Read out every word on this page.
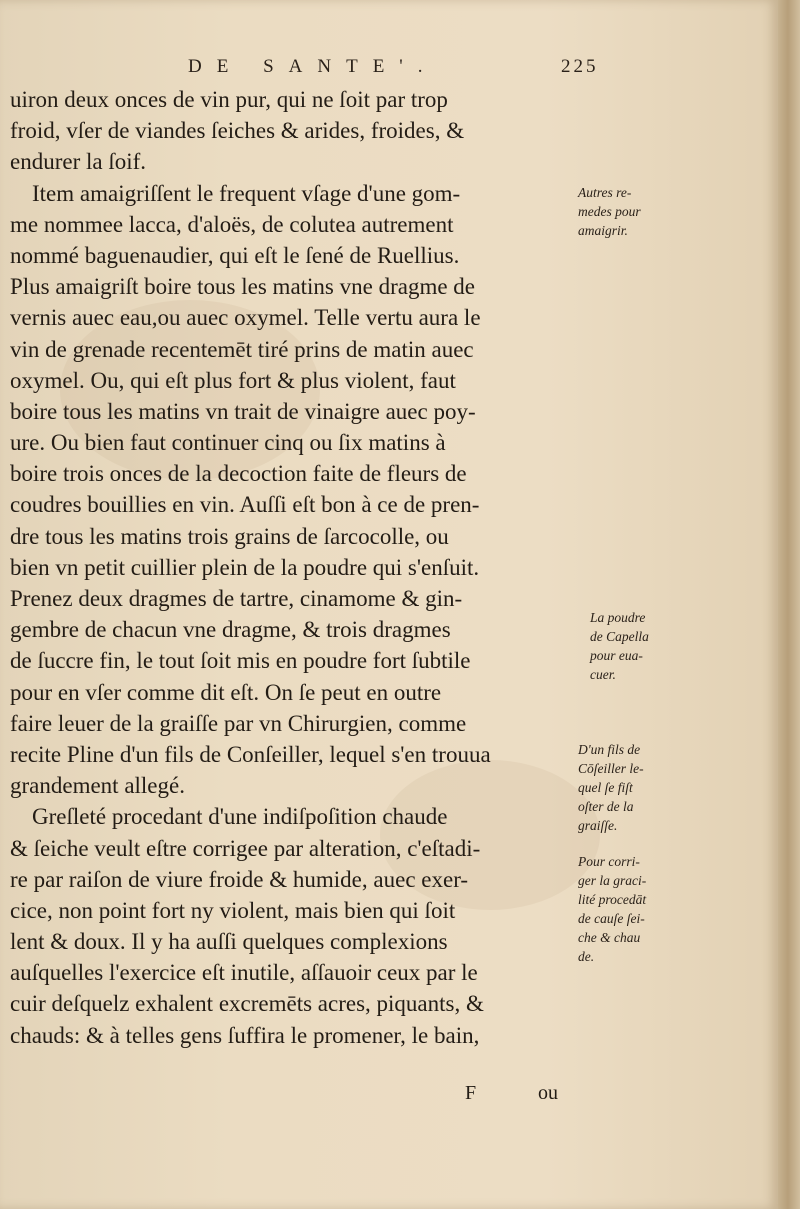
DE SANTE'.	225
uiron deux onces de vin pur, qui ne ſoit par trop
froid, vſer de viandes ſeiches & arides, froides, &
endurer la ſoif.
Item amaigriſſent le frequent vſage d'une gom-
me nommee lacca, d'aloës, de colutea autrement
nommé baguenaudier, qui eſt le ſené de Ruellius.
Plus amaigriſt boire tous les matins vne dragme de
vernis auec eau,ou auec oxymel. Telle vertu aura le
vin de grenade recentemēt tiré prins de matin auec
oxymel. Ou, qui eſt plus fort & plus violent, faut
boire tous les matins vn trait de vinaigre auec poy-
ure. Ou bien faut continuer cinq ou ſix matins à
boire trois onces de la decoction faite de fleurs de
coudres bouillies en vin. Auſſi eſt bon à ce de pren-
dre tous les matins trois grains de ſarcocolle, ou
bien vn petit cuillier plein de la poudre qui s'enſuit.
Prenez deux dragmes de tartre, cinamome & gin-
gembre de chacun vne dragme, & trois dragmes
de ſuccre fin, le tout ſoit mis en poudre fort ſubtile
pour en vſer comme dit eſt. On ſe peut en outre
faire leuer de la graiſſe par vn Chirurgien, comme
recite Pline d'un fils de Conſeiller, lequel s'en trouua
grandement allegé.
Greſleté procedant d'une indiſpoſition chaude
& ſeiche veult eſtre corrigee par alteration, c'eſtadi-
re par raiſon de viure froide & humide, auec exer-
cice, non point fort ny violent, mais bien qui ſoit
lent & doux. Il y ha auſſi quelques complexions
auſquelles l'exercice eſt inutile, aſſauoir ceux par le
cuir deſquelz exhalent excremēts acres, piquants, &
chauds: & à telles gens ſuffira le promener, le bain,
Autres re-
medes pour
amaigrir.
La poudre
de Capella
pour eua-
cuer.
D'un fils de
Cōſeiller le-
quel ſe fiſt
oſter de la
graiſſe.
Pour corri-
ger la graci-
lité procedāt
de cauſe ſei-
che & chau
de.
F	ou
